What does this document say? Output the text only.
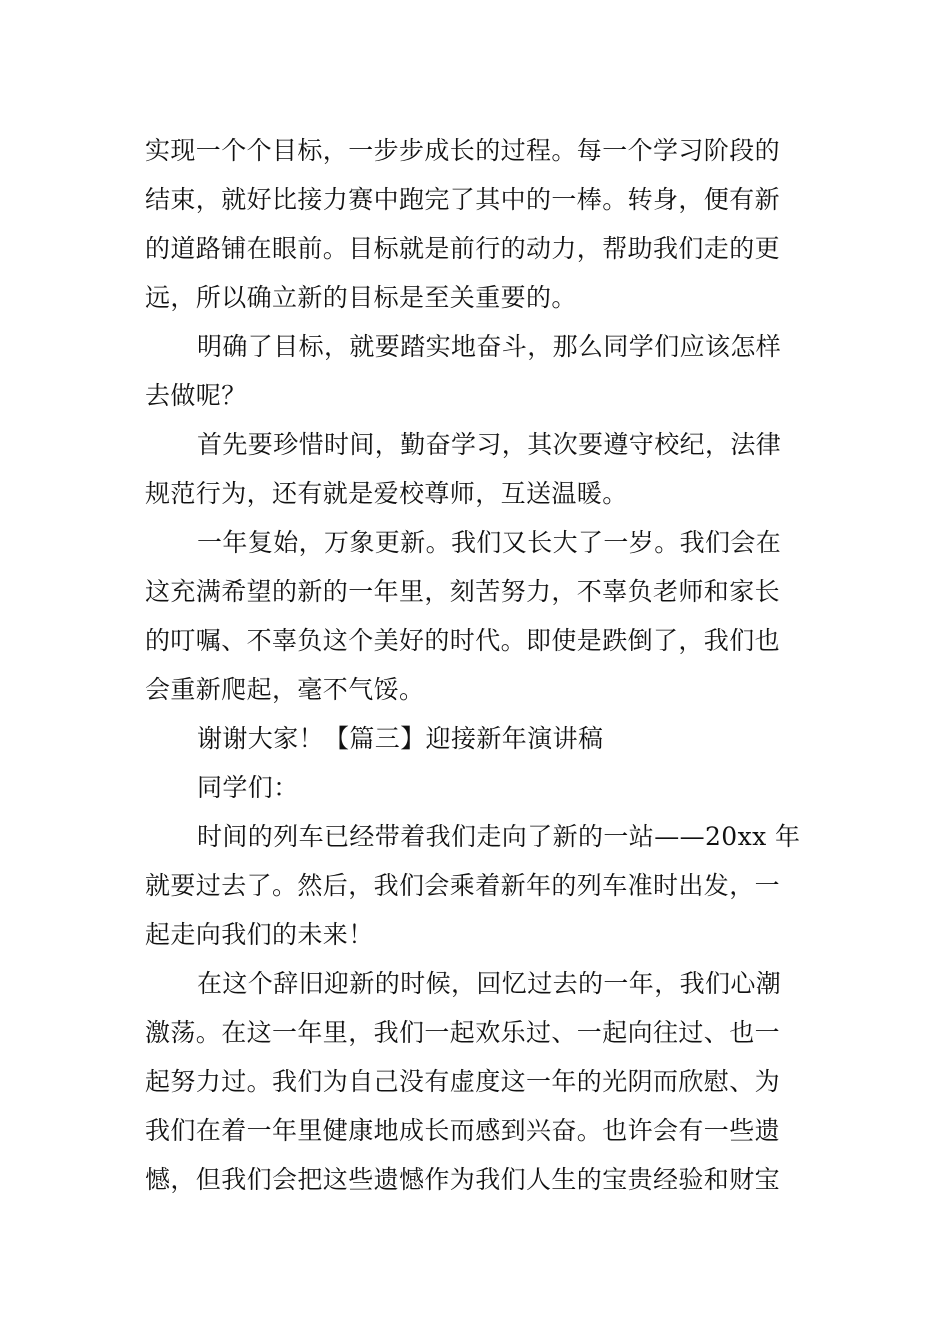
实现一个个目标，一步步成长的过程。每一个学习阶段的
结束，就好比接力赛中跑完了其中的一棒。转身，便有新
的道路铺在眼前。目标就是前行的动力，帮助我们走的更
远，所以确立新的目标是至关重要的。

明确了目标，就要踏实地奋斗，那么同学们应该怎样
去做呢？

首先要珍惜时间，勤奋学习，其次要遵守校纪，法律
规范行为，还有就是爱校尊师，互送温暖。

一年复始，万象更新。我们又长大了一岁。我们会在
这充满希望的新的一年里，刻苦努力，不辜负老师和家长
的叮嘱、不辜负这个美好的时代。即使是跌倒了，我们也
会重新爬起，毫不气馁。

谢谢大家！【篇三】迎接新年演讲稿

同学们：

时间的列车已经带着我们走向了新的一站——20xx 年
就要过去了。然后，我们会乘着新年的列车准时出发，一
起走向我们的未来！

在这个辞旧迎新的时候，回忆过去的一年，我们心潮
激荡。在这一年里，我们一起欢乐过、一起向往过、也一
起努力过。我们为自己没有虚度这一年的光阴而欣慰、为
我们在着一年里健康地成长而感到兴奋。也许会有一些遗
憾，但我们会把这些遗憾作为我们人生的宝贵经验和财宝
